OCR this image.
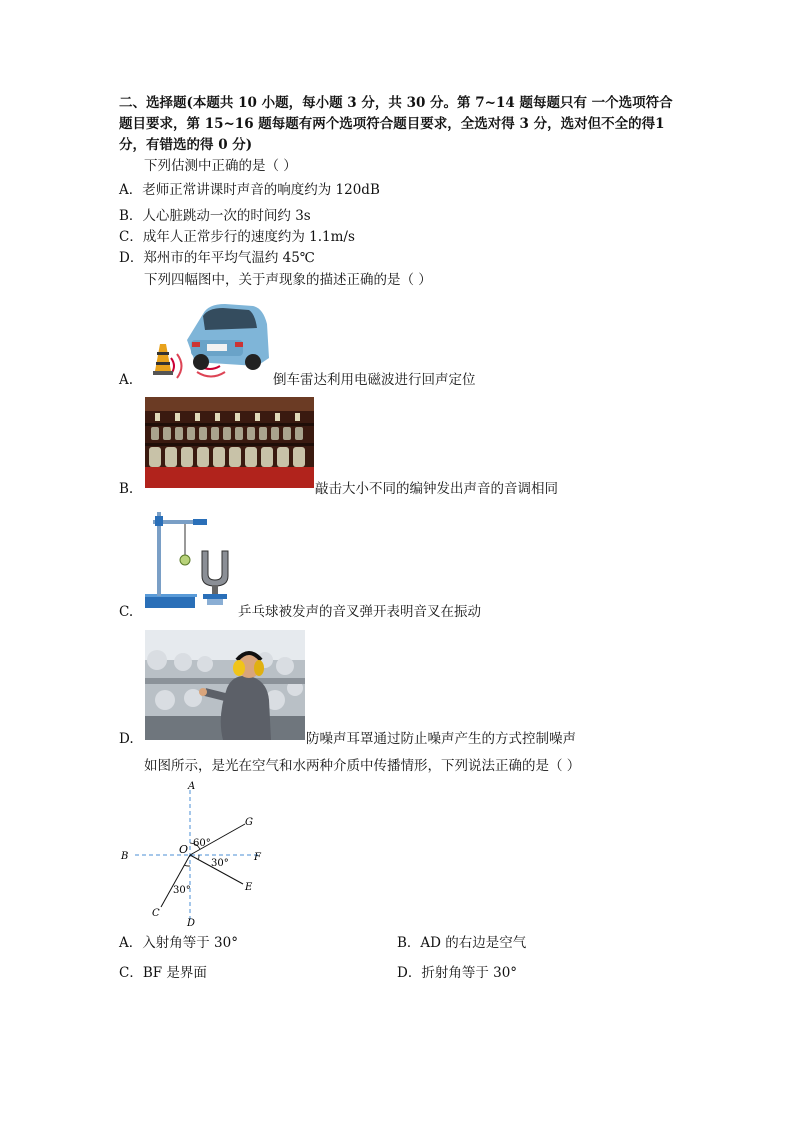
二、选择题(本题共 10 小题，每小题 3 分，共 30 分。第 7~14 题每题只有 一个选项符合
题目要求，第 15~16 题每题有两个选项符合题目要求，全选对得 3 分，选对但不全的得1
分，有错选的得 0 分)
下列估测中正确的是（ ）
A．老师正常讲课时声音的响度约为 120dB
B．人心脏跳动一次的时间约 3s
C．成年人正常步行的速度约为 1.1m/s
D．郑州市的年平均气温约 45℃
下列四幅图中，关于声现象的描述正确的是（ ）
A.	倒车雷达利用电磁波进行回声定位
B.	敲击大小不同的编钟发出声音的音调相同
C.	乒乓球被发声的音叉弹开表明音叉在振动
D.	防噪声耳罩通过防止噪声产生的方式控制噪声
如图所示，是光在空气和水两种介质中传播情形，下列说法正确的是（ ）
A
B
C
D
E
F
G
O 60°
30°
30°
A．入射角等于 30°	B．AD 的右边是空气
C．BF 是界面	D．折射角等于 30°
